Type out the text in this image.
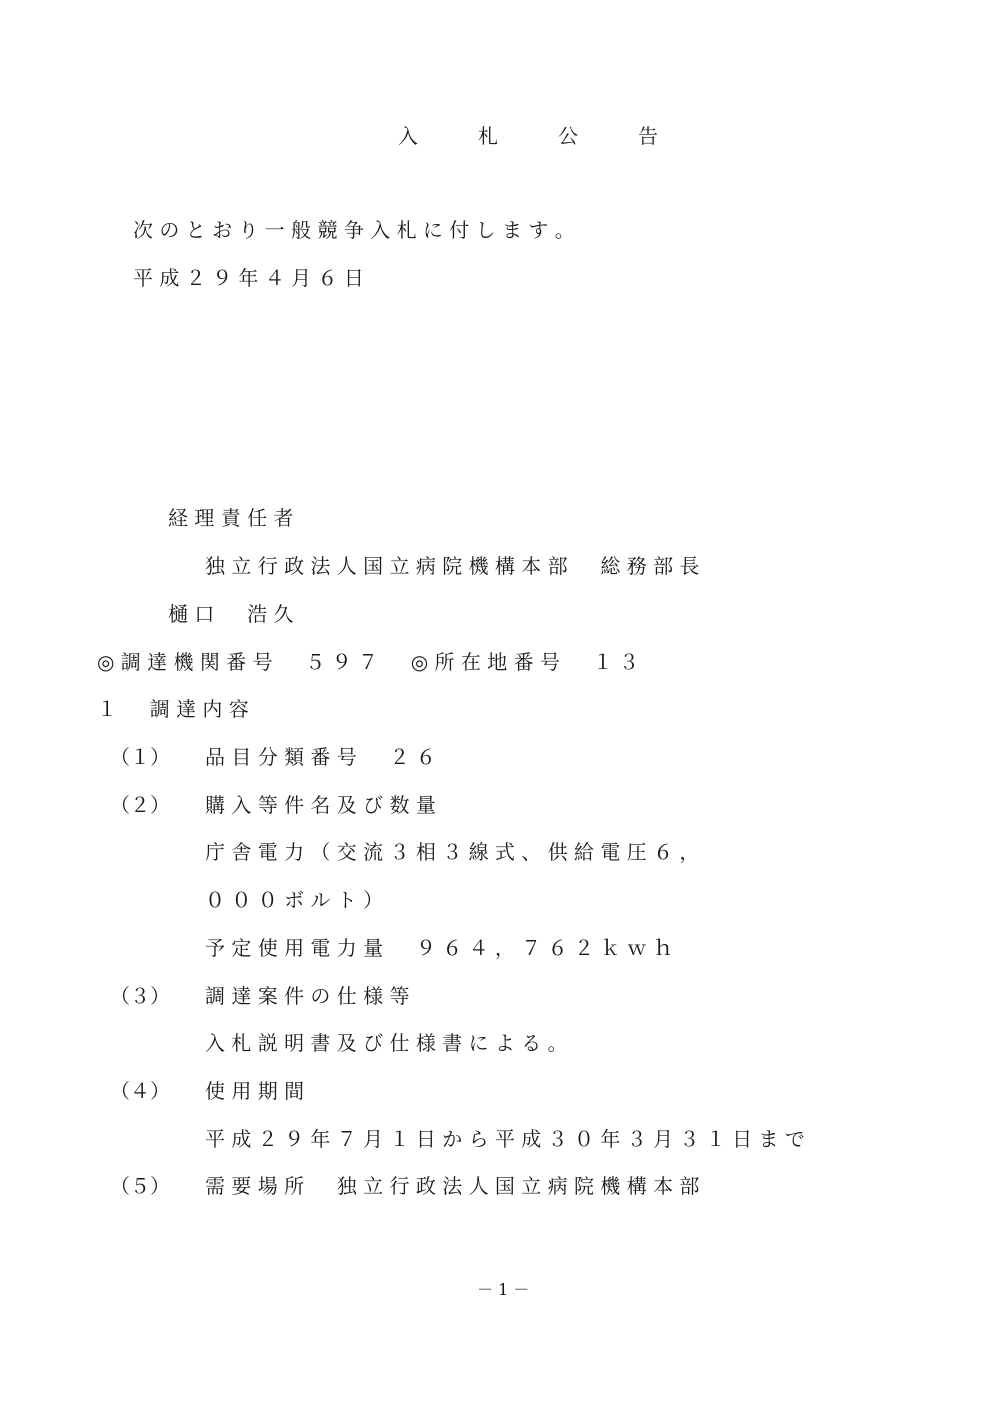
入　　　札　　　公　　　告
次 の と お り 一 般 競 争 入 札 に 付 し ま す 。
平 成 ２ ９ 年 ４ 月 ６ 日
経 理 責 任 者
独 立 行 政 法 人 国 立 病 院 機 構 本 部 　 総 務 部 長
樋 口 　 浩 久
◎ 調 達 機 関 番 号 　 ５ ９ ７ 　 ◎ 所 在 地 番 号 　 １ ３
１ 　 調 達 内 容
（１） 品 目 分 類 番 号 　 ２ ６
（２） 購 入 等 件 名 及 び 数 量
庁 舎 電 力 （ 交 流 ３ 相 ３ 線 式 、 供 給 電 圧 ６ ，
０ ０ ０ ボ ル ト ）
予 定 使 用 電 力 量 　 ９ ６ ４ ， ７ ６ ２ ｋ ｗ ｈ
（３） 調 達 案 件 の 仕 様 等
入 札 説 明 書 及 び 仕 様 書 に よ る 。
（４） 使 用 期 間
平 成 ２ ９ 年 ７ 月 １ 日 か ら 平 成 ３ ０ 年 ３ 月 ３ １ 日 ま で
（５） 需 要 場 所 　 独 立 行 政 法 人 国 立 病 院 機 構 本 部
－ 1 －
